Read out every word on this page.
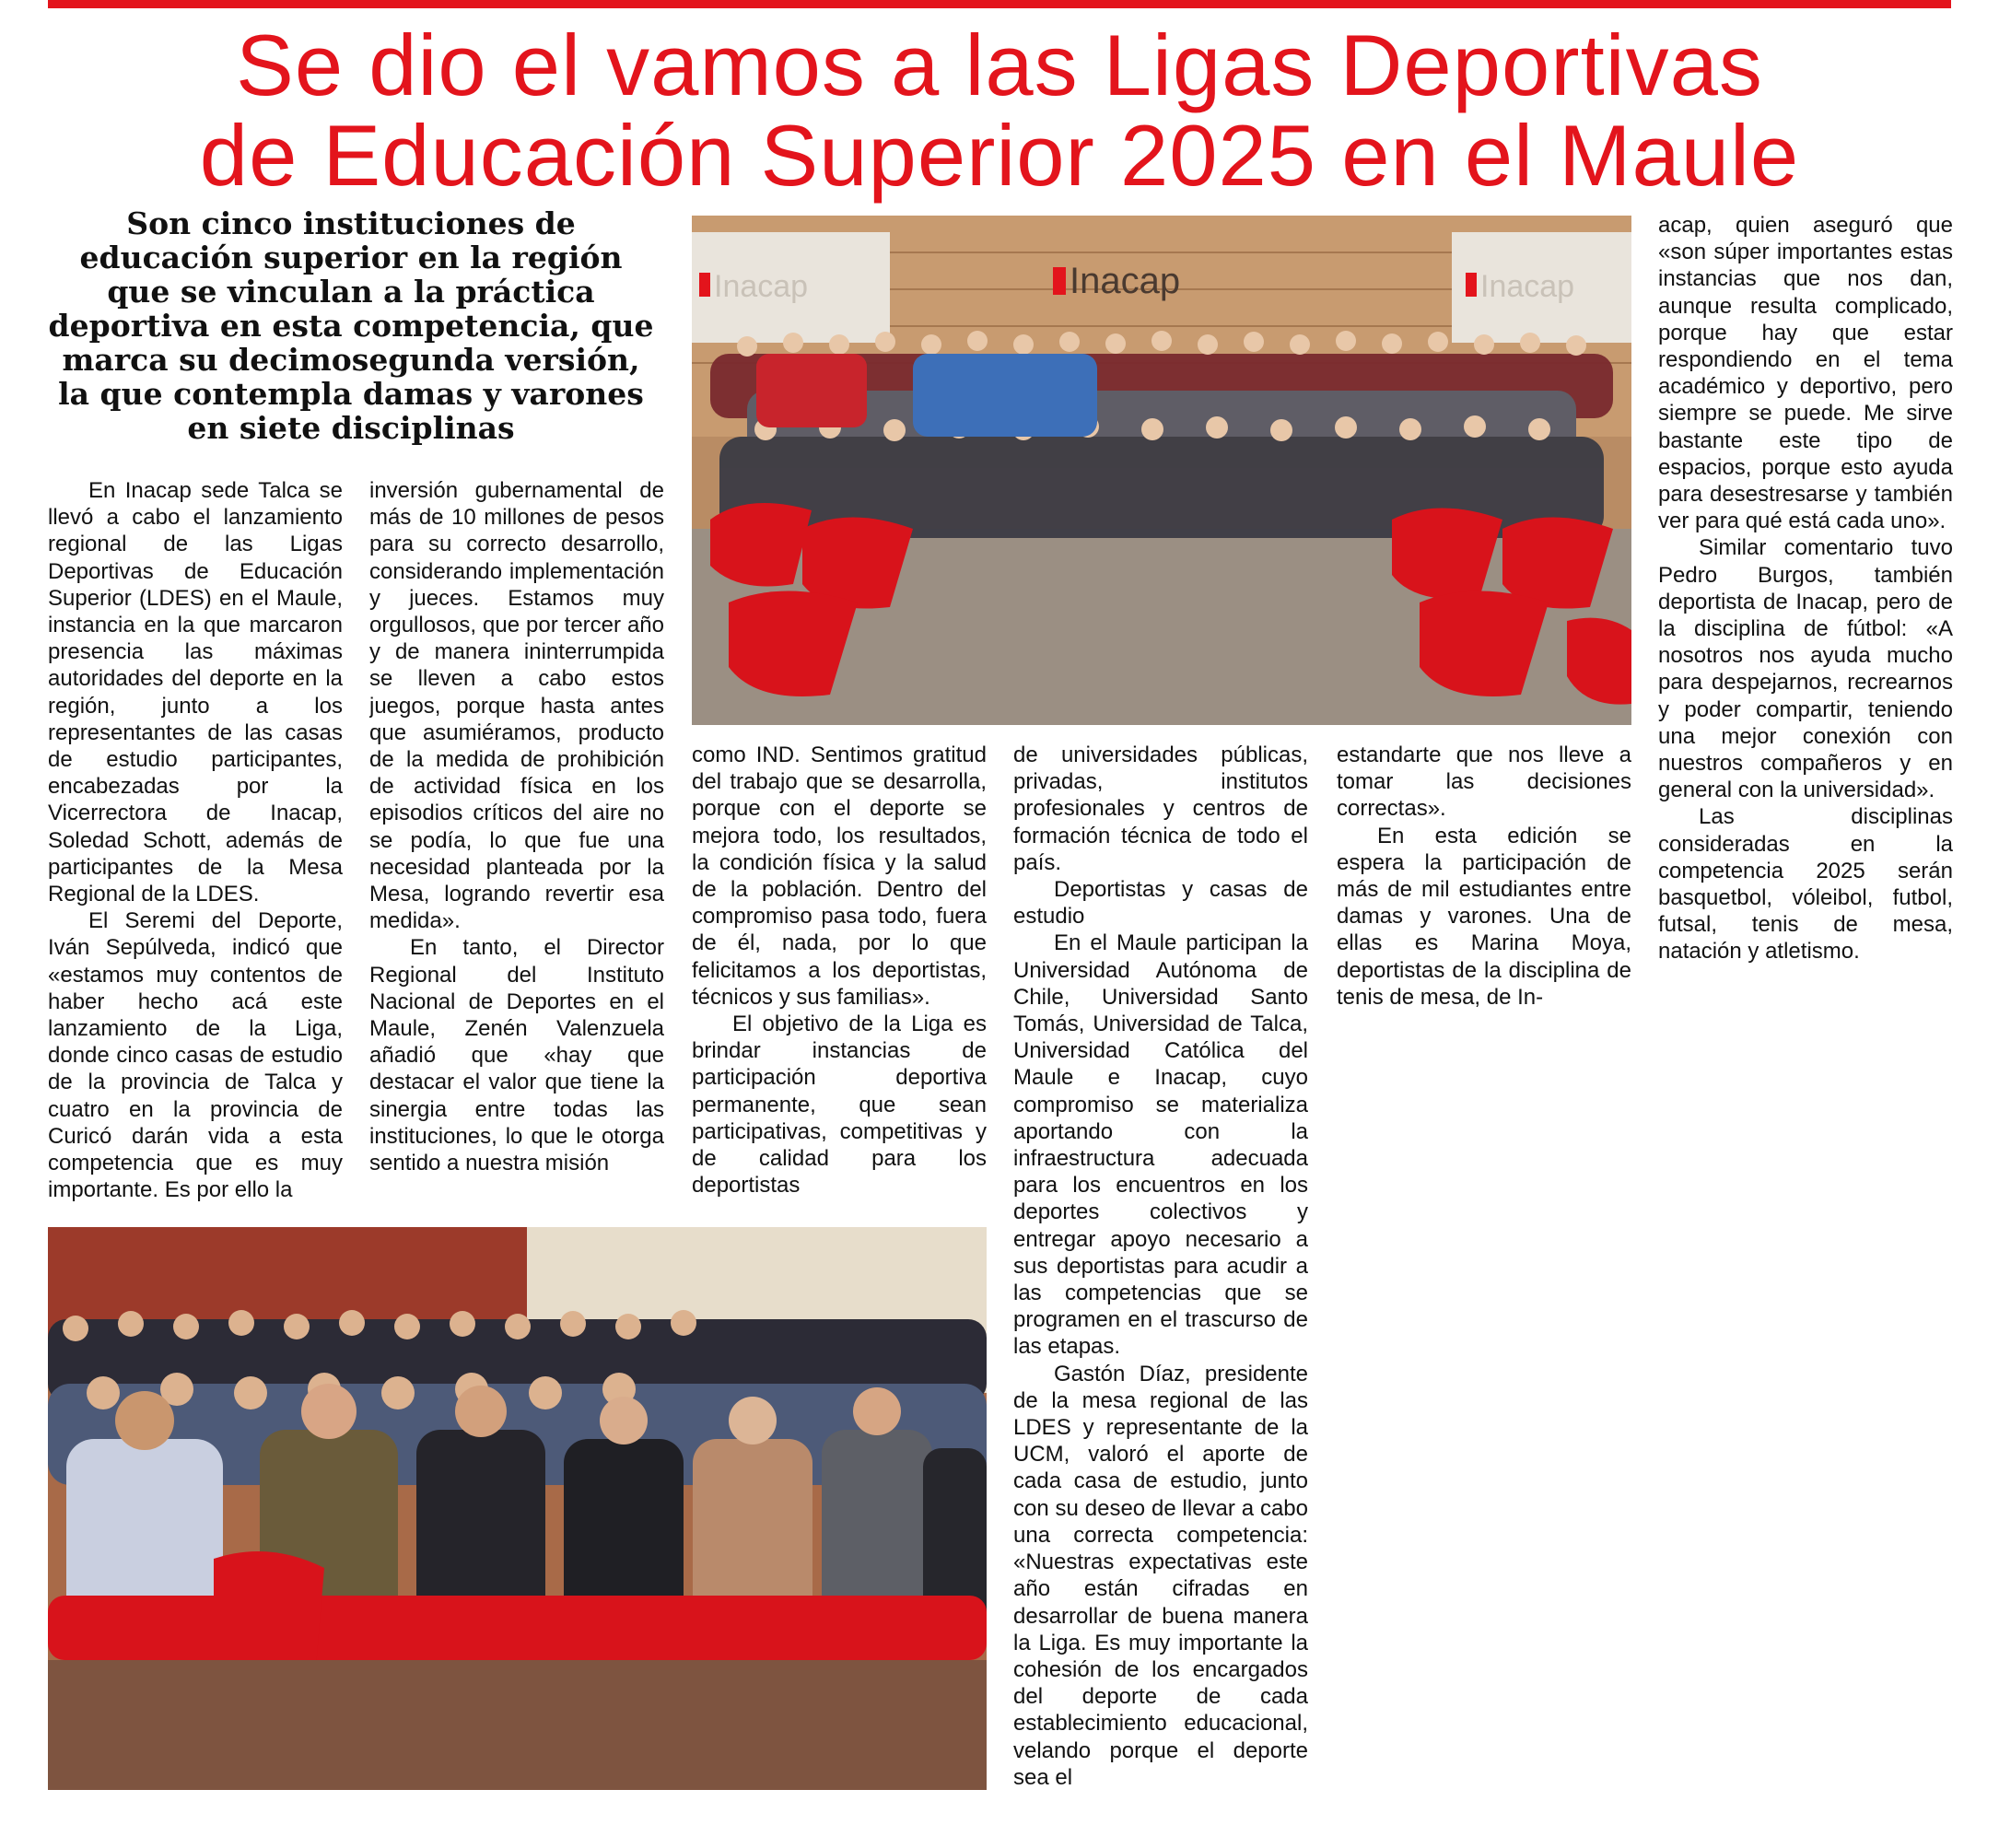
Se dio el vamos a las Ligas Deportivas
de Educación Superior 2025 en el Maule

Son cinco instituciones de educación superior en la región que se vinculan a la práctica deportiva en esta competencia, que marca su decimosegunda versión, la que contempla damas y varones en siete disciplinas

Inacap	Inacap	Inacap

En Inacap sede Talca se llevó a cabo el lanzamiento regional de las Ligas Deportivas de Educación Superior (LDES) en el Maule, instancia en la que marcaron presencia las máximas autoridades del deporte en la región, junto a los representantes de las casas de estudio participantes, encabezadas por la Vicerrectora de Inacap, Soledad Schott, además de participantes de la Mesa Regional de la LDES.

El Seremi del Deporte, Iván Sepúlveda, indicó que «estamos muy contentos de haber hecho acá este lanzamiento de la Liga, donde cinco casas de estudio de la provincia de Talca y cuatro en la provincia de Curicó darán vida a esta competencia que es muy importante. Es por ello la

inversión gubernamental de más de 10 millones de pesos para su correcto desarrollo, considerando implementación y jueces. Estamos muy orgullosos, que por tercer año y de manera ininterrumpida se lleven a cabo estos juegos, porque hasta antes que asumiéramos, producto de la medida de prohibición de actividad física en los episodios críticos del aire no se podía, lo que fue una necesidad planteada por la Mesa, logrando revertir esa medida».

En tanto, el Director Regional del Instituto Nacional de Deportes en el Maule, Zenén Valenzuela añadió que «hay que destacar el valor que tiene la sinergia entre todas las instituciones, lo que le otorga sentido a nuestra misión

como IND. Sentimos gratitud del trabajo que se desarrolla, porque con el deporte se mejora todo, los resultados, la condición física y la salud de la población. Dentro del compromiso pasa todo, fuera de él, nada, por lo que felicitamos a los deportistas, técnicos y sus familias».

El objetivo de la Liga es brindar instancias de participación deportiva permanente, que sean participativas, competitivas y de calidad para los deportistas

de universidades públicas, privadas, institutos profesionales y centros de formación técnica de todo el país.

Deportistas y casas de estudio

En el Maule participan la Universidad Autónoma de Chile, Universidad Santo Tomás, Universidad de Talca, Universidad Católica del Maule e Inacap, cuyo compromiso se materializa aportando con la infraestructura adecuada para los encuentros en los deportes colectivos y entregar apoyo necesario a sus deportistas para acudir a las competencias que se programen en el trascurso de las etapas.

Gastón Díaz, presidente de la mesa regional de las LDES y representante de la UCM, valoró el aporte de cada casa de estudio, junto con su deseo de llevar a cabo una correcta competencia: «Nuestras expectativas este año están cifradas en desarrollar de buena manera la Liga. Es muy importante la cohesión de los encargados del deporte de cada establecimiento educacional, velando porque el deporte sea el

estandarte que nos lleve a tomar las decisiones correctas».

En esta edición se espera la participación de más de mil estudiantes entre damas y varones. Una de ellas es Marina Moya, deportistas de la disciplina de tenis de mesa, de In-

acap, quien aseguró que «son súper importantes estas instancias que nos dan, aunque resulta complicado, porque hay que estar respondiendo en el tema académico y deportivo, pero siempre se puede. Me sirve bastante este tipo de espacios, porque esto ayuda para desestresarse y también ver para qué está cada uno».

Similar comentario tuvo Pedro Burgos, también deportista de Inacap, pero de la disciplina de fútbol: «A nosotros nos ayuda mucho para despejarnos, recrearnos y poder compartir, teniendo una mejor conexión con nuestros compañeros y en general con la universidad».

Las disciplinas consideradas en la competencia 2025 serán basquetbol, vóleibol, futbol, futsal, tenis de mesa, natación y atletismo.
